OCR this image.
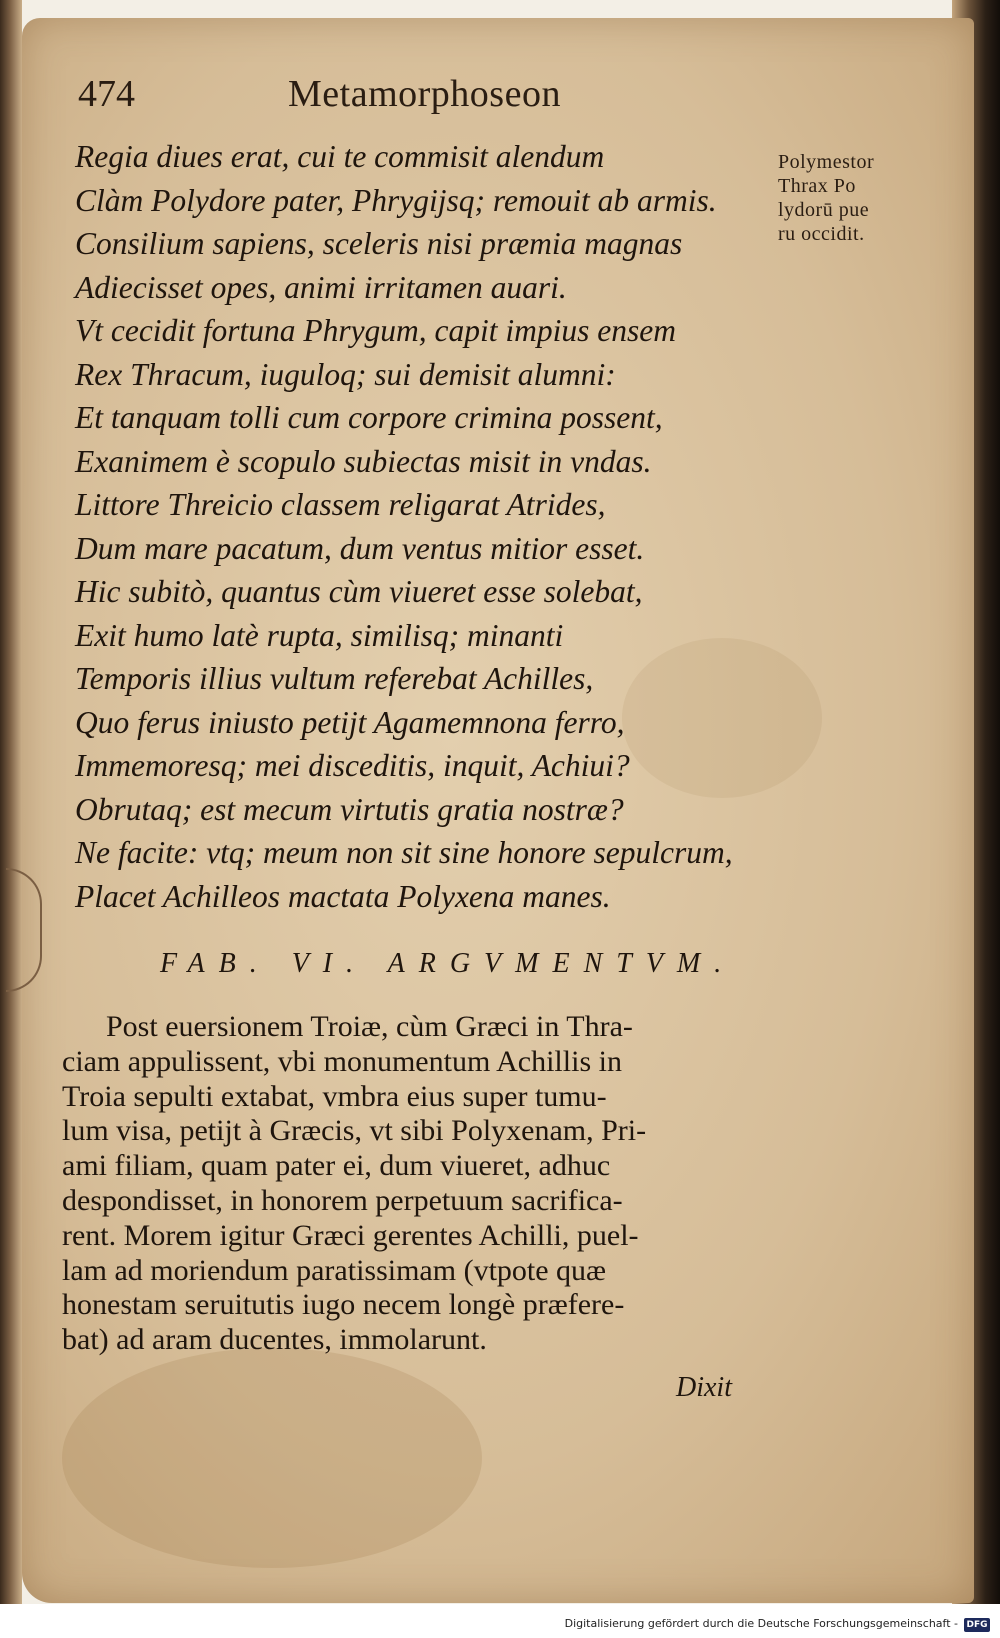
474	Metamorphoseon
Regia diues erat, cui te commisit alendum
Clàm Polydore pater, Phrygijsq; remouit ab armis.
Consilium sapiens, sceleris nisi præmia magnas
Adiecisset opes, animi irritamen auari.
Vt cecidit fortuna Phrygum, capit impius ensem
Rex Thracum, iuguloq; sui demisit alumni:
Et tanquam tolli cum corpore crimina possent,
Exanimem è scopulo subiectas misit in vndas.
Littore Threicio classem religarat Atrides,
Dum mare pacatum, dum ventus mitior esset.
Hic subitò, quantus cùm viueret esse solebat,
Exit humo latè rupta, similisq; minanti
Temporis illius vultum referebat Achilles,
Quo ferus iniusto petijt Agamemnona ferro,
Immemoresq; mei disceditis, inquit, Achiui?
Obrutaq; est mecum virtutis gratia nostræ?
Ne facite: vtq; meum non sit sine honore sepulcrum,
Placet Achilleos mactata Polyxena manes.
Polymestor
Thrax Po
lydorū pue
ru occidit.
FAB. VI. ARGVMENTVM.
Post euersionem Troiæ, cùm Græci in Thra-
ciam appulissent, vbi monumentum Achillis in
Troia sepulti extabat, vmbra eius super tumu-
lum visa, petijt à Græcis, vt sibi Polyxenam, Pri-
ami filiam, quam pater ei, dum viueret, adhuc
despondisset, in honorem perpetuum sacrifica-
rent. Morem igitur Græci gerentes Achilli, puel-
lam ad moriendum paratissimam (vtpote quæ
honestam seruitutis iugo necem longè præfere-
bat) ad aram ducentes, immolarunt.
Dixit
Digitalisierung gefördert durch die Deutsche Forschungsgemeinschaft - DFG
